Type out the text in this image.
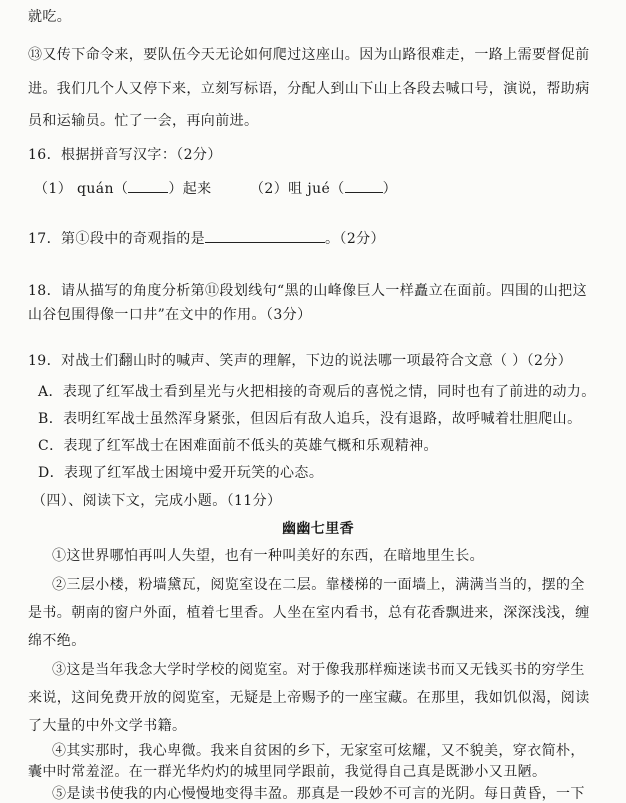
就吃。
⑬又传下命令来，要队伍今天无论如何爬过这座山。因为山路很难走，一路上需要督促前
进。我们几个人又停下来，立刻写标语，分配人到山下山上各段去喊口号，演说，帮助病
员和运输员。忙了一会，再向前进。
16．根据拼音写汉字：（2分）
（1） quán（	）起来	（2）咀 jué（	）
17．第①段中的奇观指的是	。（2分）
18．请从描写的角度分析第⑪段划线句“黑的山峰像巨人一样矗立在面前。四围的山把这
山谷包围得像一口井”在文中的作用。（3分）
19．对战士们翻山时的喊声、笑声的理解，下边的说法哪一项最符合文意（ ）（2分）
A．表现了红军战士看到星光与火把相接的奇观后的喜悦之情，同时也有了前进的动力。
B．表明红军战士虽然浑身紧张，但因后有敌人追兵，没有退路，故呼喊着壮胆爬山。
C．表现了红军战士在困难面前不低头的英雄气概和乐观精神。
D．表现了红军战士困境中爱开玩笑的心态。
（四）、阅读下文，完成小题。（11分）
幽幽七里香
①这世界哪怕再叫人失望，也有一种叫美好的东西，在暗地里生长。
②三层小楼，粉墙黛瓦，阅览室设在二层。靠楼梯的一面墙上，满满当当的，摆的全
是书。朝南的窗户外面，植着七里香。人坐在室内看书，总有花香飘进来，深深浅浅，缠
绵不绝。
③这是当年我念大学时学校的阅览室。对于像我那样痴迷读书而又无钱买书的穷学生
来说，这间免费开放的阅览室，无疑是上帝赐予的一座宝藏。在那里，我如饥似渴，阅读
了大量的中外文学书籍。
④其实那时，我心卑微。我来自贫困的乡下，无家室可炫耀，又不貌美，穿衣简朴，
囊中时常羞涩。在一群光华灼灼的城里同学跟前，我觉得自己真是既渺小又丑陋。
⑤是读书使我的内心慢慢地变得丰盈。那真是一段妙不可言的光阴。每日黄昏，一下
